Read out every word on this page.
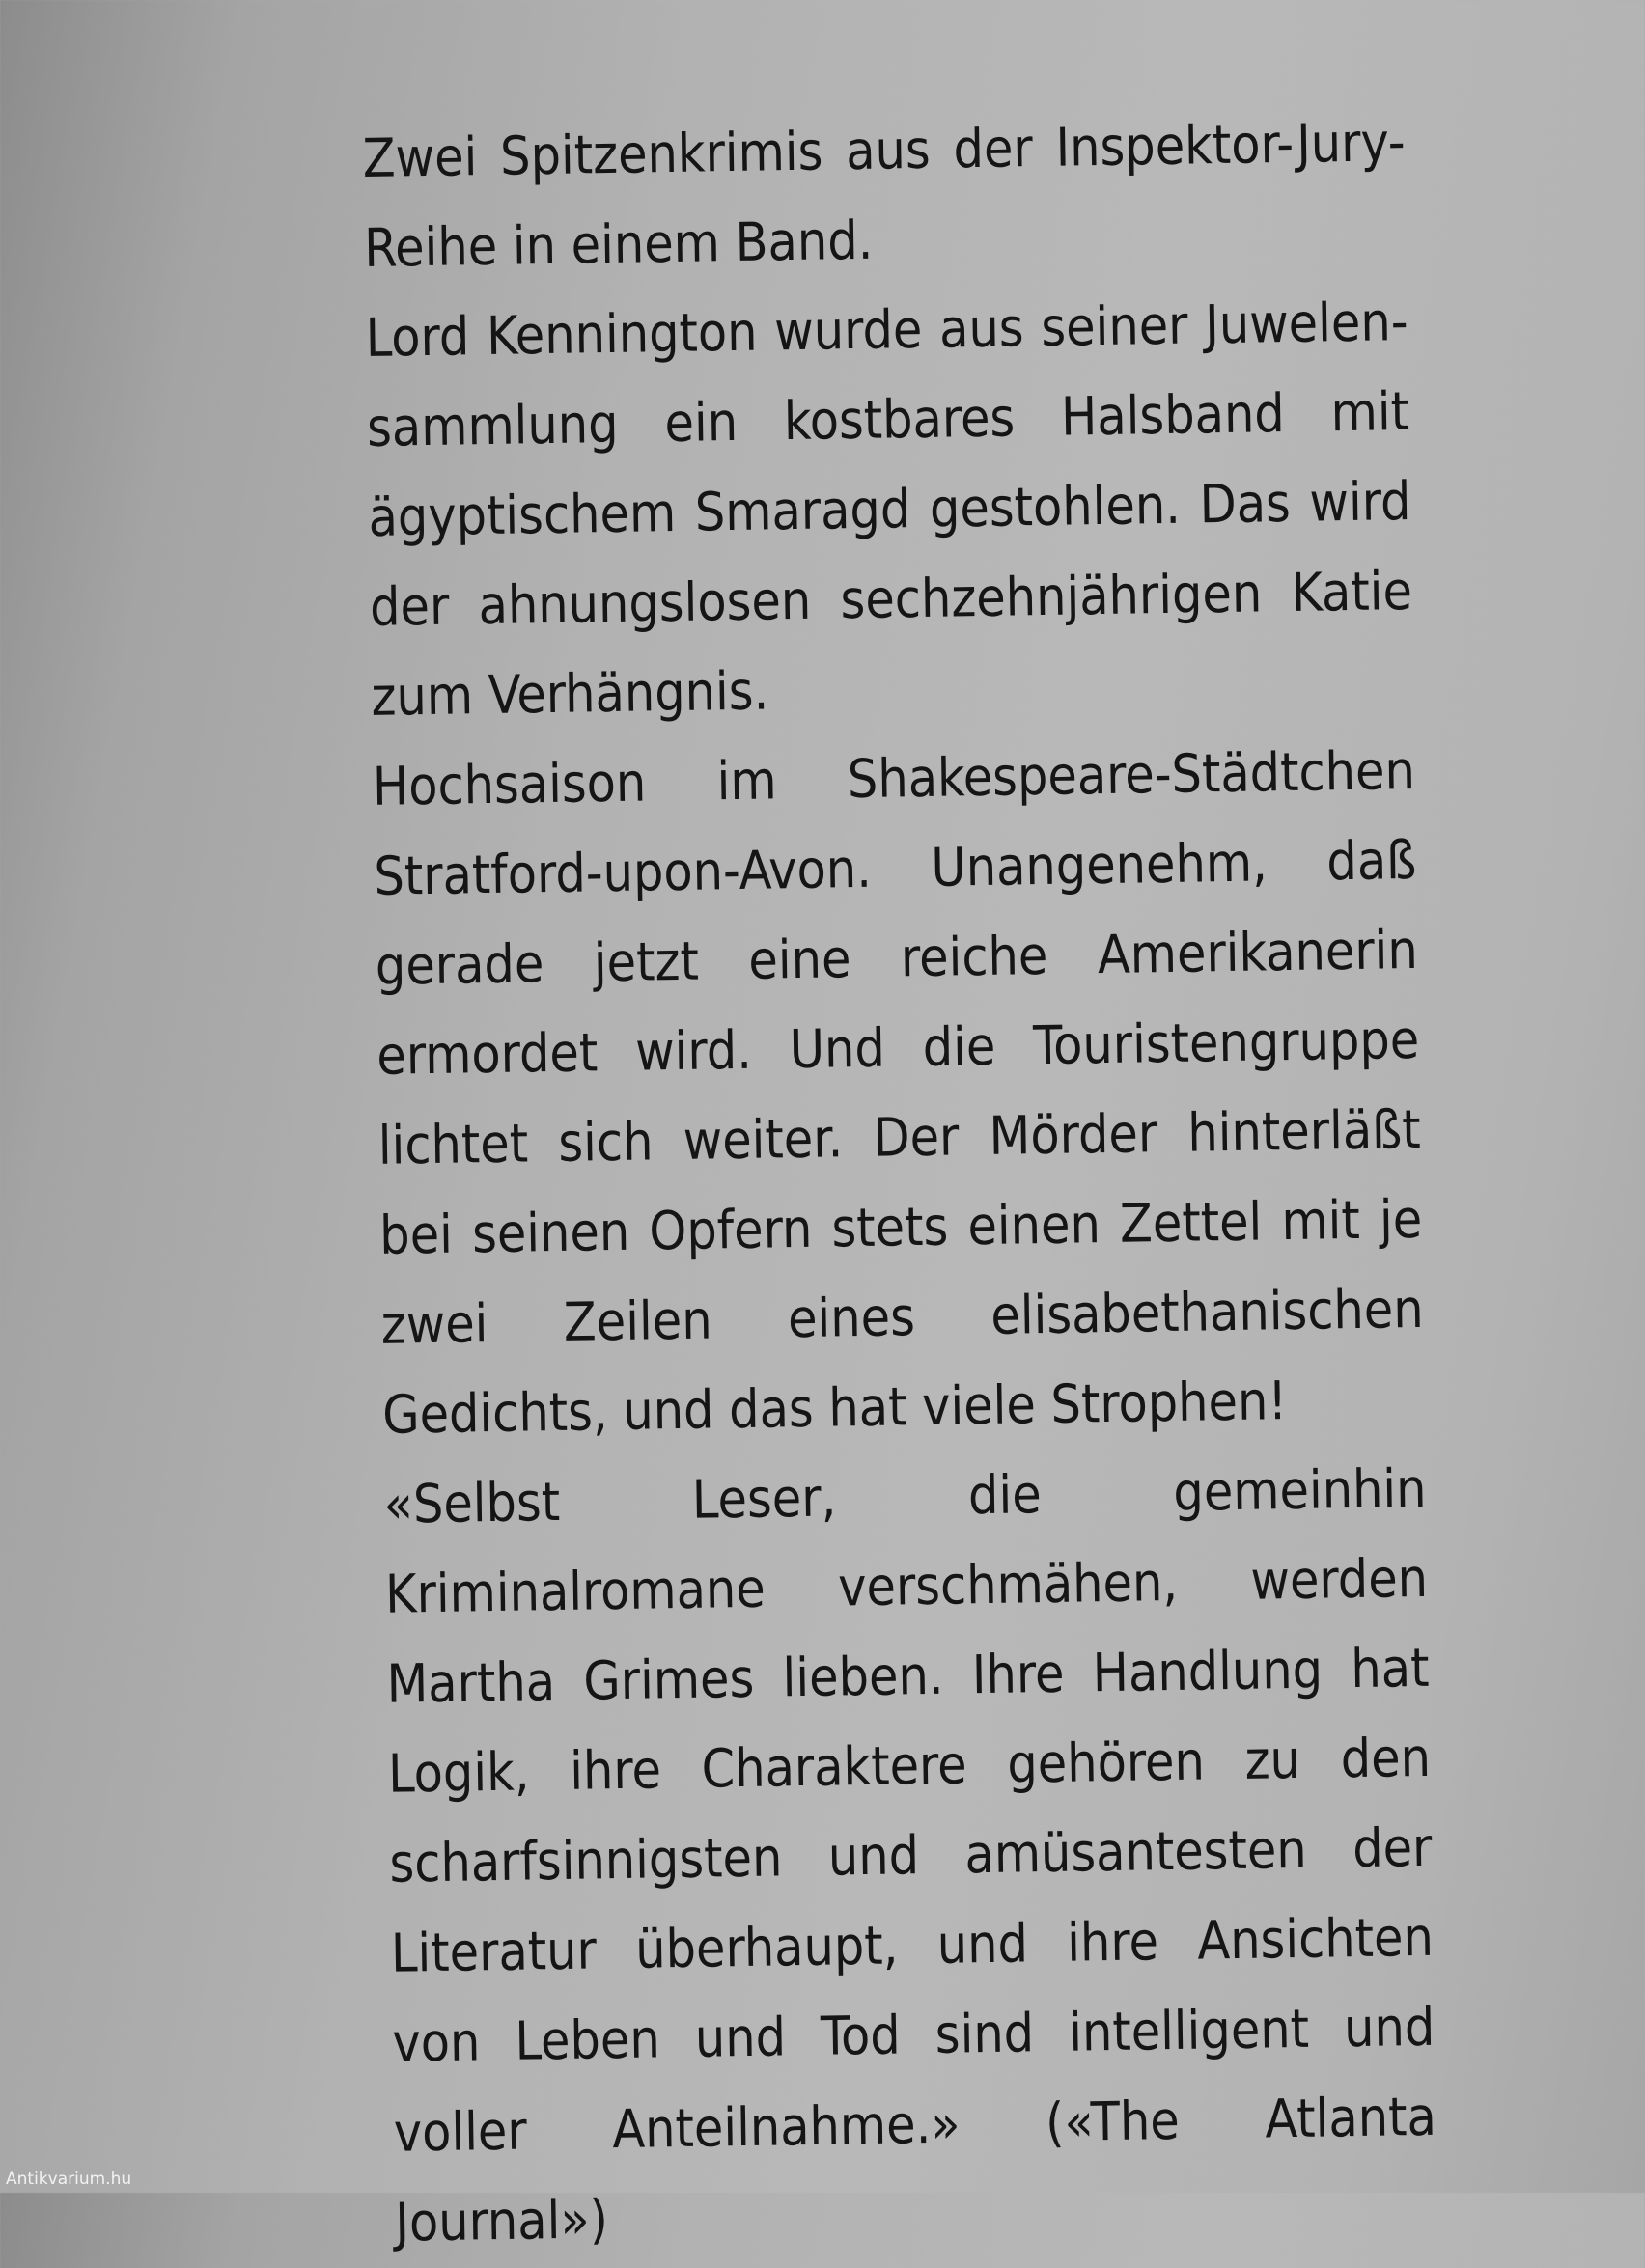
Zwei Spitzenkrimis aus der Inspektor-Jury-Reihe in einem Band.

Lord Kennington wurde aus seiner Juwelensammlung ein kostbares Halsband mit ägyptischem Smaragd gestohlen. Das wird der ahnungslosen sechzehnjährigen Katie zum Verhängnis.

Hochsaison im Shakespeare-Städtchen Stratford-upon-Avon. Unangenehm, daß gerade jetzt eine reiche Amerikanerin ermordet wird. Und die Touristengruppe lichtet sich weiter. Der Mörder hinterläßt bei seinen Opfern stets einen Zettel mit je zwei Zeilen eines elisabethanischen Gedichts, und das hat viele Strophen!

«Selbst Leser, die gemeinhin Kriminalromane verschmähen, werden Martha Grimes lieben. Ihre Handlung hat Logik, ihre Charaktere gehören zu den scharfsinnigsten und amüsantesten der Literatur überhaupt, und ihre Ansichten von Leben und Tod sind intelligent und voller Anteilnahme.» («The Atlanta Journal»)

Antikvarium.hu
